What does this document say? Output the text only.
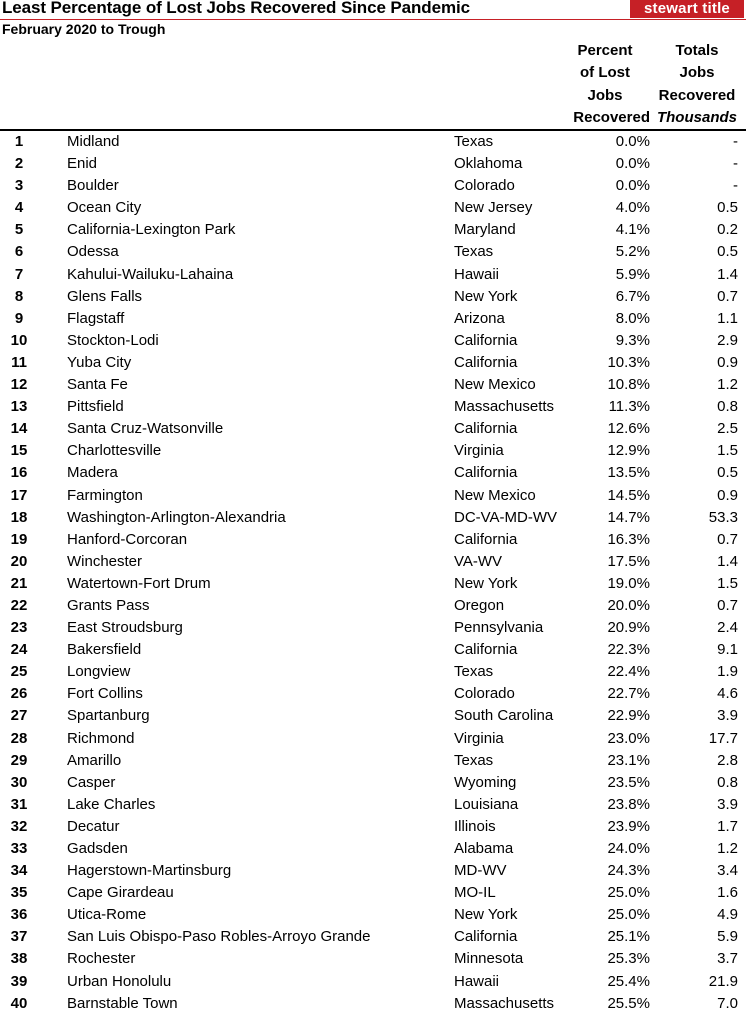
Least Percentage of Lost Jobs Recovered Since Pandemic	stewart title
February 2020 to Trough
Percent
of Lost
Jobs
Recovered
Totals
Jobs
Recovered
Thousands
1	Midland	Texas	0.0%	-
2	Enid	Oklahoma	0.0%	-
3	Boulder	Colorado	0.0%	-
4	Ocean City	New Jersey	4.0%	0.5
5	California-Lexington Park	Maryland	4.1%	0.2
6	Odessa	Texas	5.2%	0.5
7	Kahului-Wailuku-Lahaina	Hawaii	5.9%	1.4
8	Glens Falls	New York	6.7%	0.7
9	Flagstaff	Arizona	8.0%	1.1
10	Stockton-Lodi	California	9.3%	2.9
11	Yuba City	California	10.3%	0.9
12	Santa Fe	New Mexico	10.8%	1.2
13	Pittsfield	Massachusetts	11.3%	0.8
14	Santa Cruz-Watsonville	California	12.6%	2.5
15	Charlottesville	Virginia	12.9%	1.5
16	Madera	California	13.5%	0.5
17	Farmington	New Mexico	14.5%	0.9
18	Washington-Arlington-Alexandria	DC-VA-MD-WV	14.7%	53.3
19	Hanford-Corcoran	California	16.3%	0.7
20	Winchester	VA-WV	17.5%	1.4
21	Watertown-Fort Drum	New York	19.0%	1.5
22	Grants Pass	Oregon	20.0%	0.7
23	East Stroudsburg	Pennsylvania	20.9%	2.4
24	Bakersfield	California	22.3%	9.1
25	Longview	Texas	22.4%	1.9
26	Fort Collins	Colorado	22.7%	4.6
27	Spartanburg	South Carolina	22.9%	3.9
28	Richmond	Virginia	23.0%	17.7
29	Amarillo	Texas	23.1%	2.8
30	Casper	Wyoming	23.5%	0.8
31	Lake Charles	Louisiana	23.8%	3.9
32	Decatur	Illinois	23.9%	1.7
33	Gadsden	Alabama	24.0%	1.2
34	Hagerstown-Martinsburg	MD-WV	24.3%	3.4
35	Cape Girardeau	MO-IL	25.0%	1.6
36	Utica-Rome	New York	25.0%	4.9
37	San Luis Obispo-Paso Robles-Arroyo Grande	California	25.1%	5.9
38	Rochester	Minnesota	25.3%	3.7
39	Urban Honolulu	Hawaii	25.4%	21.9
40	Barnstable Town	Massachusetts	25.5%	7.0
